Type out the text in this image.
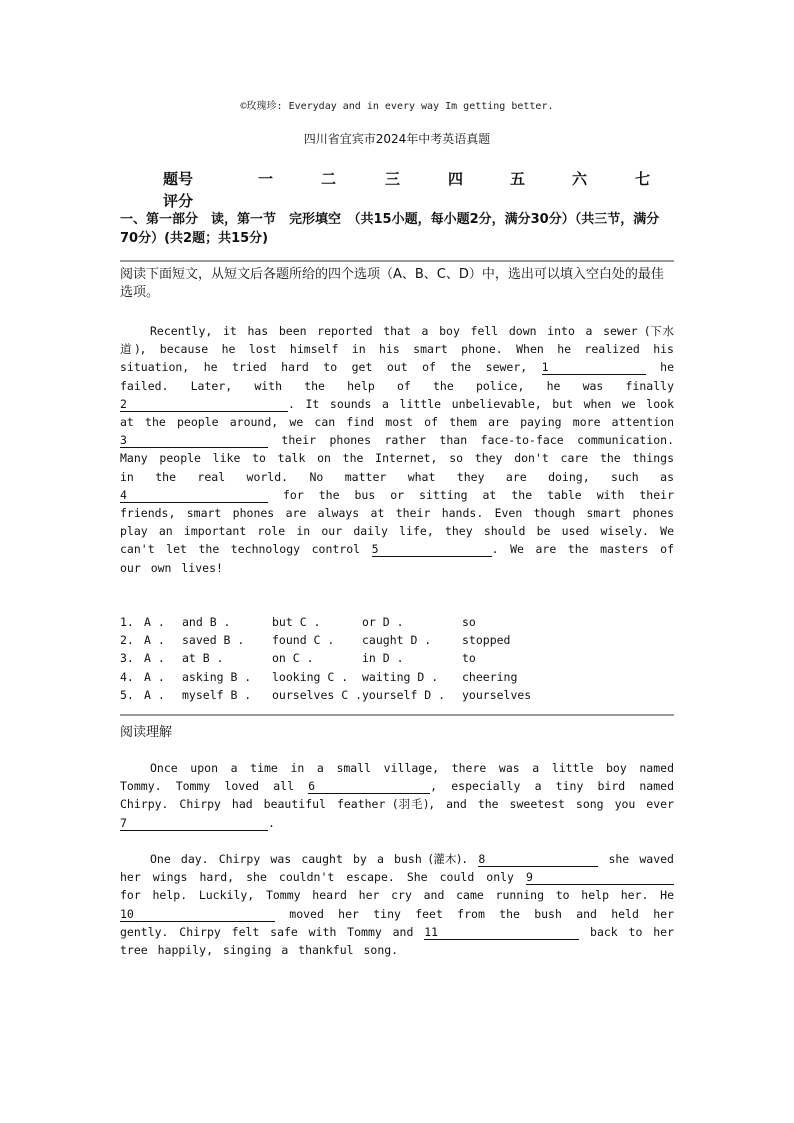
©玫瑰珍: Everyday and in every way Im getting better.
四川省宜宾市2024年中考英语真题
题号	一	二	三	四	五	六	七
评分
一、第一部分　读，第一节　完形填空　（共15小题，每小题2分，满分30分）（共三节，满分70分）(共2题；共15分)
阅读下面短文，从短文后各题所给的四个选项（A、B、C、D）中，选出可以填入空白处的最佳选项。
Recently, it has been reported that a boy fell down into a sewer (下水道), because he lost himself in his smart phone. When he realized his situation, he tried hard to get out of the sewer, 1	he failed. Later, with the help of the police, he was finally 2	. It sounds a little unbelievable, but when we look at the people around, we can find most of them are paying more attention 3	their phones rather than face-to-face communication. Many people like to talk on the Internet, so they don't care the things in the real world. No matter what they are doing, such as 4	for the bus or sitting at the table with their friends, smart phones are always at their hands. Even though smart phones play an important role in our daily life, they should be used wisely. We can't let the technology control 5	. We are the masters of our own lives!
1. A . and B .	but C .	or D .	so
2. A . saved B . found C . caught D .	stopped
3. A . at B .	on C .	in D .	to
4. A . asking B . looking C . waiting D . cheering
5. A . myself B . ourselves C .yourself D . yourselves
阅读理解
Once upon a time in a small village, there was a little boy named Tommy. Tommy loved all 6	, especially a tiny bird named Chirpy. Chirpy had beautiful feather (羽毛), and the sweetest song you ever 7	.
One day. Chirpy was caught by a bush (灌木). 8	she waved her wings hard, she couldn't escape. She could only 9 for help. Luckily, Tommy heard her cry and came running to help her. He 10	moved her tiny feet from the bush and held her gently. Chirpy felt safe with Tommy and 11	back to her tree happily, singing a thankful song.
